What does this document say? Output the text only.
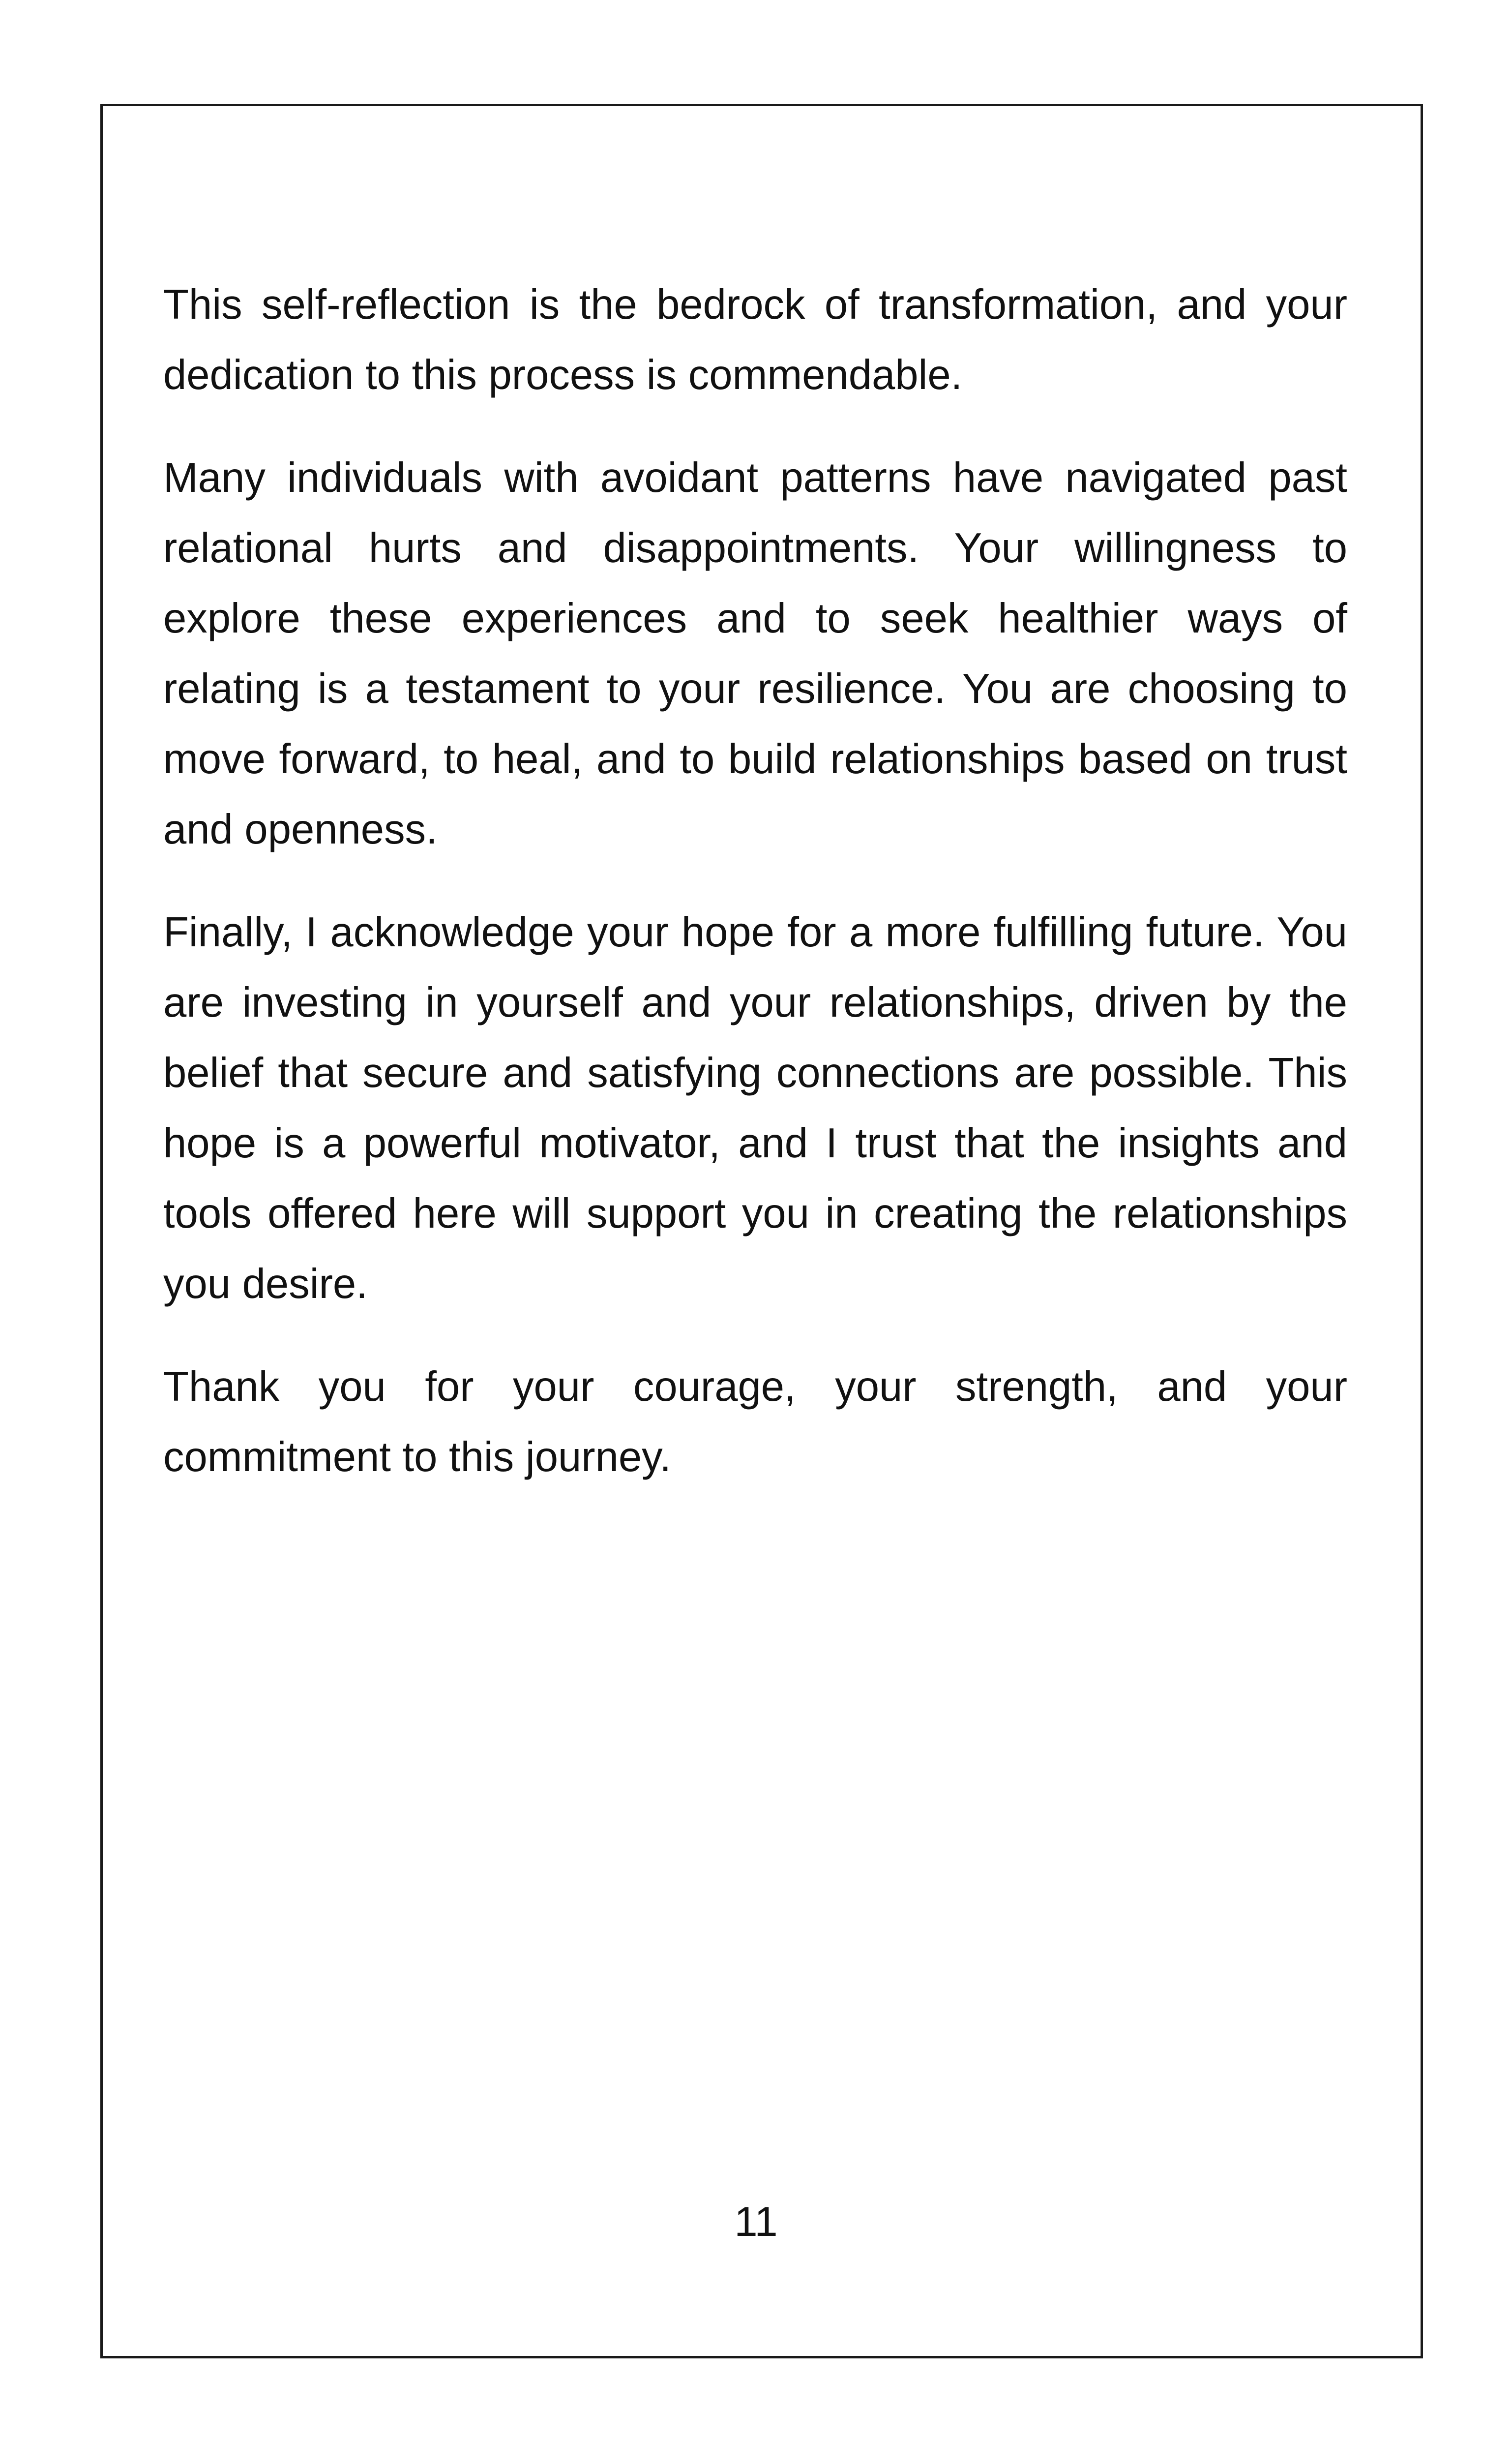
This self-reflection is the bedrock of transformation, and your dedication to this process is commendable.

Many individuals with avoidant patterns have navigated past relational hurts and disappointments. Your willingness to explore these experiences and to seek healthier ways of relating is a testament to your resilience. You are choosing to move forward, to heal, and to build relationships based on trust and openness.

Finally, I acknowledge your hope for a more fulfilling future. You are investing in yourself and your relationships, driven by the belief that secure and satisfying connections are possible. This hope is a powerful motivator, and I trust that the insights and tools offered here will support you in creating the relationships you desire.

Thank you for your courage, your strength, and your commitment to this journey.

11
